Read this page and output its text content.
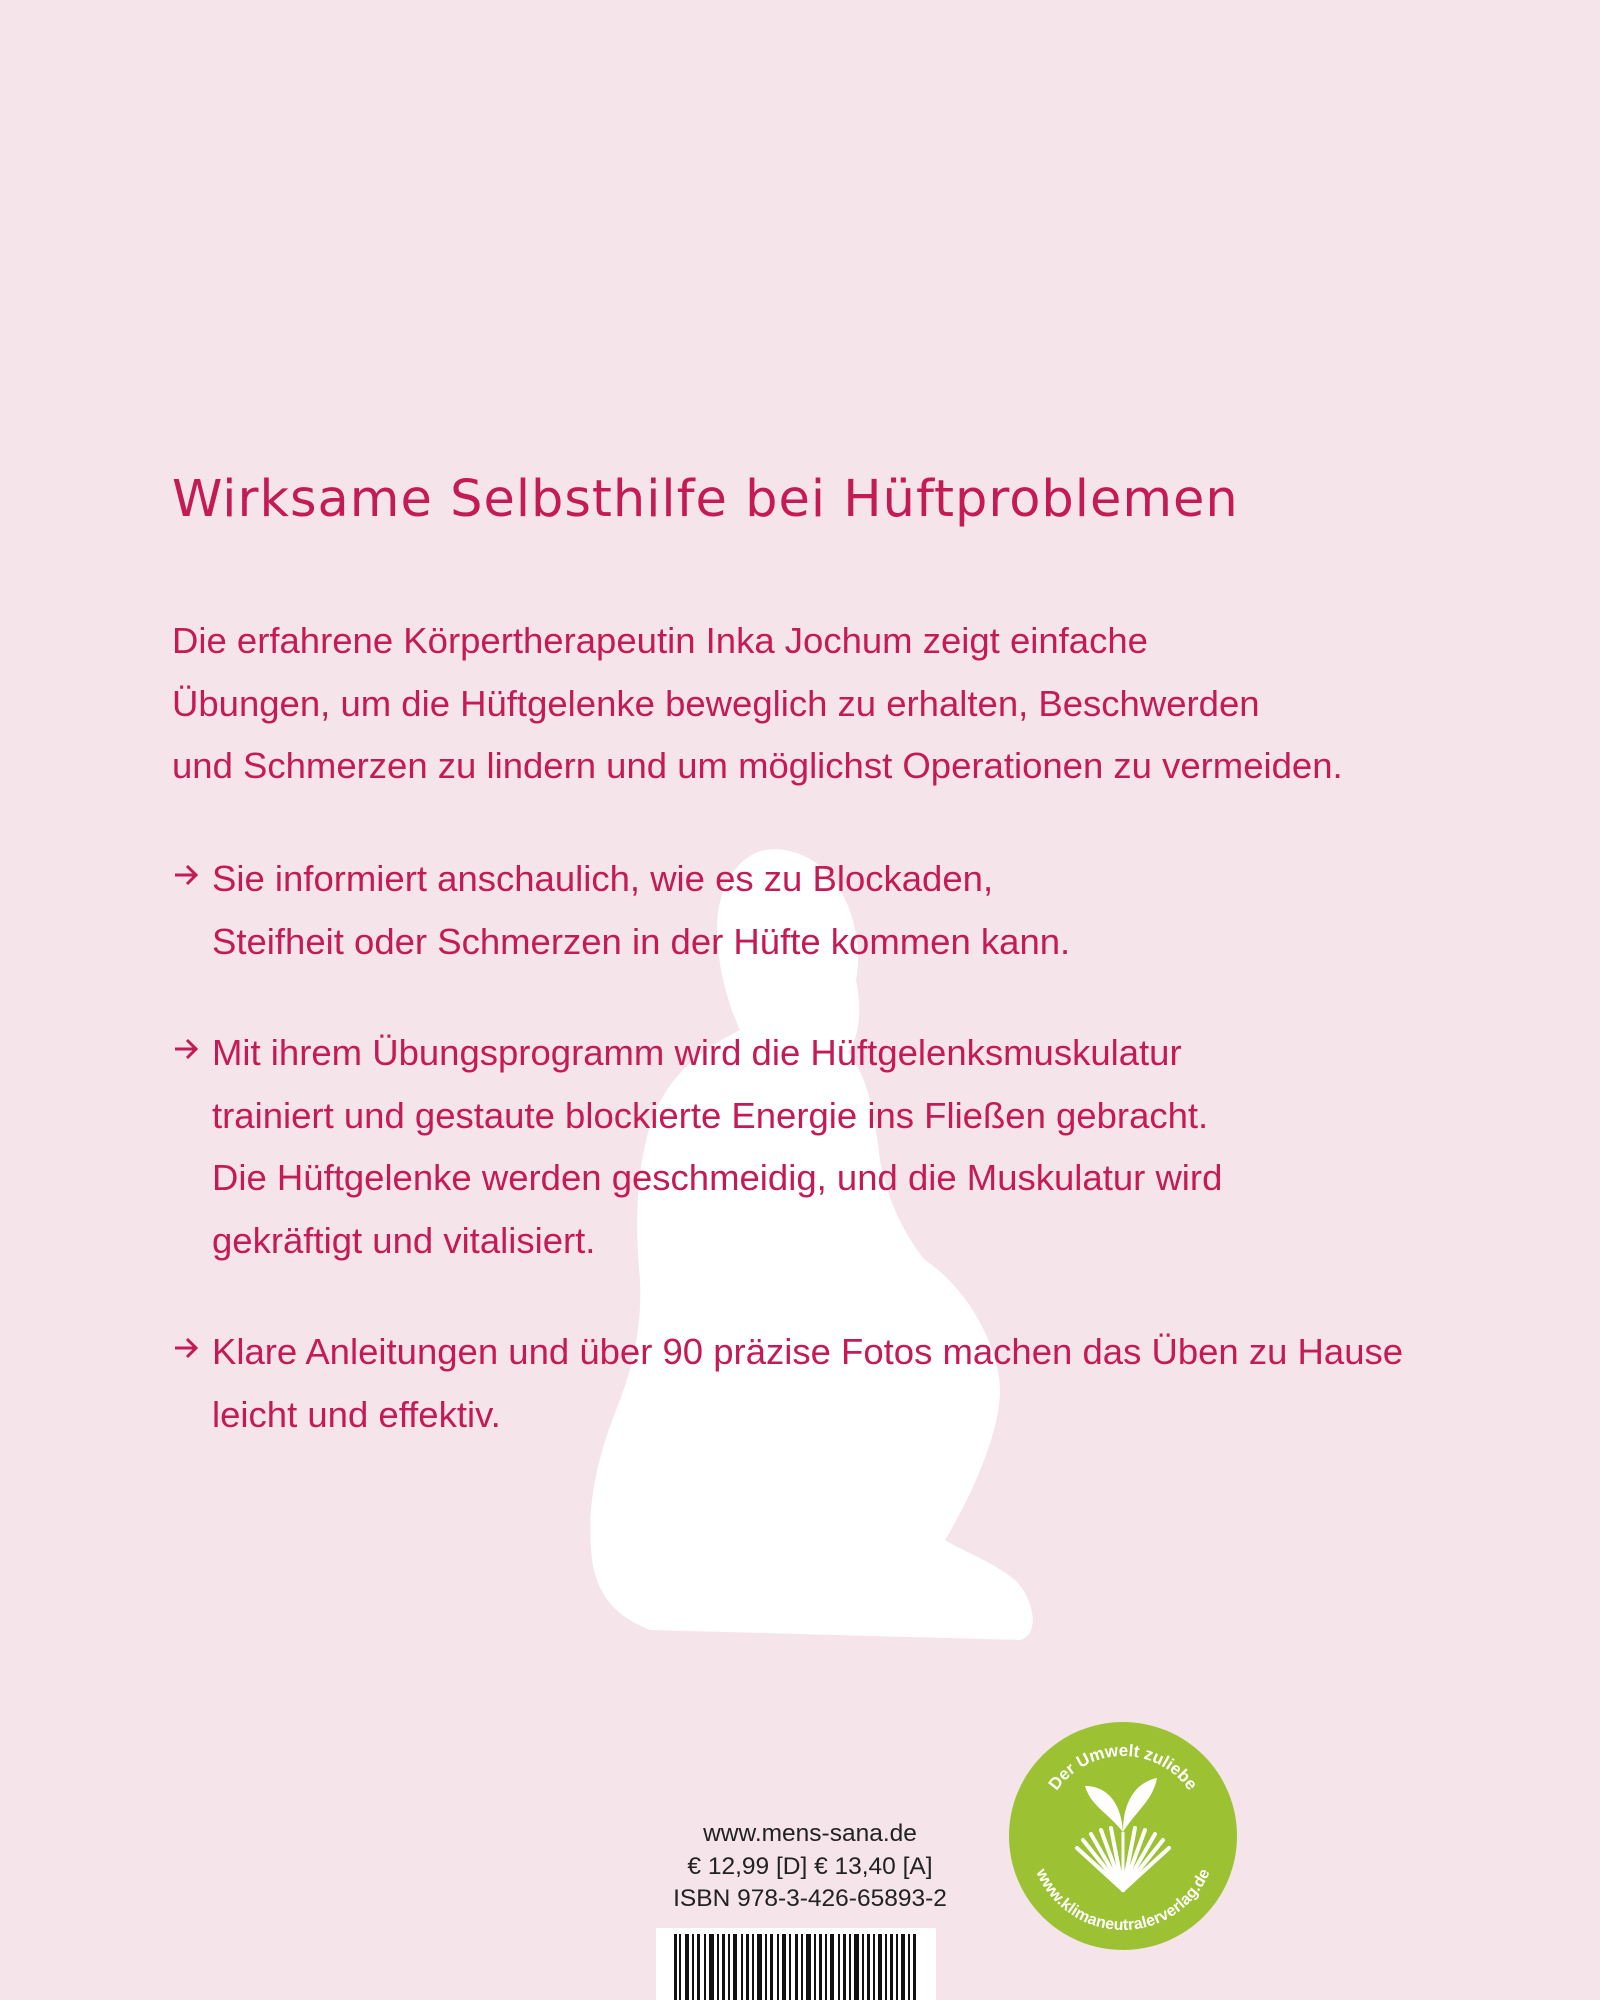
Wirksame Selbsthilfe bei Hüftproblemen
Die erfahrene Körpertherapeutin Inka Jochum zeigt einfache
Übungen, um die Hüftgelenke beweglich zu erhalten, Beschwerden
und Schmerzen zu lindern und um möglichst Operationen zu vermeiden.
Sie informiert anschaulich, wie es zu Blockaden,
Steifheit oder Schmerzen in der Hüfte kommen kann.
Mit ihrem Übungsprogramm wird die Hüftgelenksmuskulatur
trainiert und gestaute blockierte Energie ins Fließen gebracht.
Die Hüftgelenke werden geschmeidig, und die Muskulatur wird
gekräftigt und vitalisiert.
Klare Anleitungen und über 90 präzise Fotos machen das Üben zu Hause
leicht und effektiv.
www.mens-sana.de
€ 12,99 [D] € 13,40 [A]
ISBN 978-3-426-65893-2
Der Umwelt zuliebe
www.klimaneutralerverlag.de
